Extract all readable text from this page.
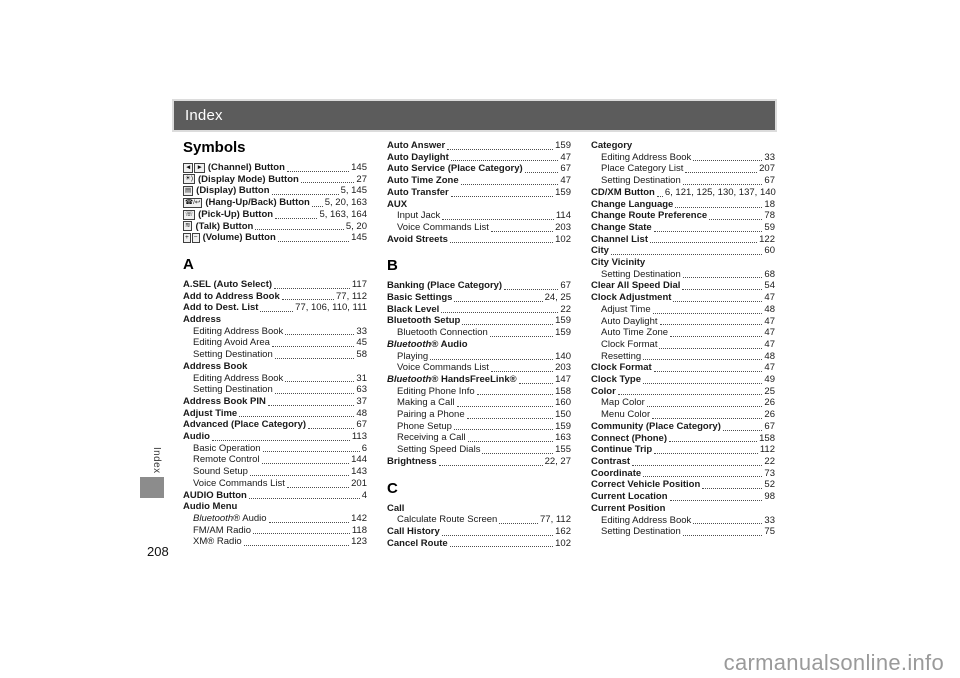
Index
Index
208
Symbols
◄ ► (Channel) Button	145
☀) (Display Mode) Button	27
▤ (Display) Button	5, 145
☎/↩ (Hang-Up/Back) Button 5, 20, 163
☏ (Pick-Up) Button	5, 163, 164
≋ (Talk) Button	5, 20
+ − (Volume) Button	145
A
A.SEL (Auto Select)	117
Add to Address Book	77, 112
Add to Dest. List	77, 106, 110, 111
Address
Editing Address Book	33
Editing Avoid Area	45
Setting Destination	58
Address Book
Editing Address Book	31
Setting Destination	63
Address Book PIN	37
Adjust Time	48
Advanced (Place Category)	67
Audio	113
Basic Operation	6
Remote Control	144
Sound Setup	143
Voice Commands List	201
AUDIO Button	4
Audio Menu
Bluetooth® Audio	142
FM/AM Radio	118
XM® Radio	123
Auto Answer	159
Auto Daylight	47
Auto Service (Place Category)	67
Auto Time Zone	47
Auto Transfer	159
AUX
Input Jack	114
Voice Commands List	203
Avoid Streets	102
B
Banking (Place Category)	67
Basic Settings	24, 25
Black Level	22
Bluetooth Setup	159
Bluetooth Connection	159
Bluetooth® Audio
Playing	140
Voice Commands List	203
Bluetooth® HandsFreeLink®	147
Editing Phone Info	158
Making a Call	160
Pairing a Phone	150
Phone Setup	159
Receiving a Call	163
Setting Speed Dials	155
Brightness	22, 27
C
Call
Calculate Route Screen	77, 112
Call History	162
Cancel Route	102
Category
Editing Address Book	33
Place Category List	207
Setting Destination	67
CD/XM Button 6, 121, 125, 130, 137, 140
Change Language	18
Change Route Preference	78
Change State	59
Channel List	122
City	60
City Vicinity
Setting Destination	68
Clear All Speed Dial	54
Clock Adjustment	47
Adjust Time	48
Auto Daylight	47
Auto Time Zone	47
Clock Format	47
Resetting	48
Clock Format	47
Clock Type	49
Color	25
Map Color	26
Menu Color	26
Community (Place Category)	67
Connect (Phone)	158
Continue Trip	112
Contrast	22
Coordinate	73
Correct Vehicle Position	52
Current Location	98
Current Position
Editing Address Book	33
Setting Destination	75
carmanualsonline.info
